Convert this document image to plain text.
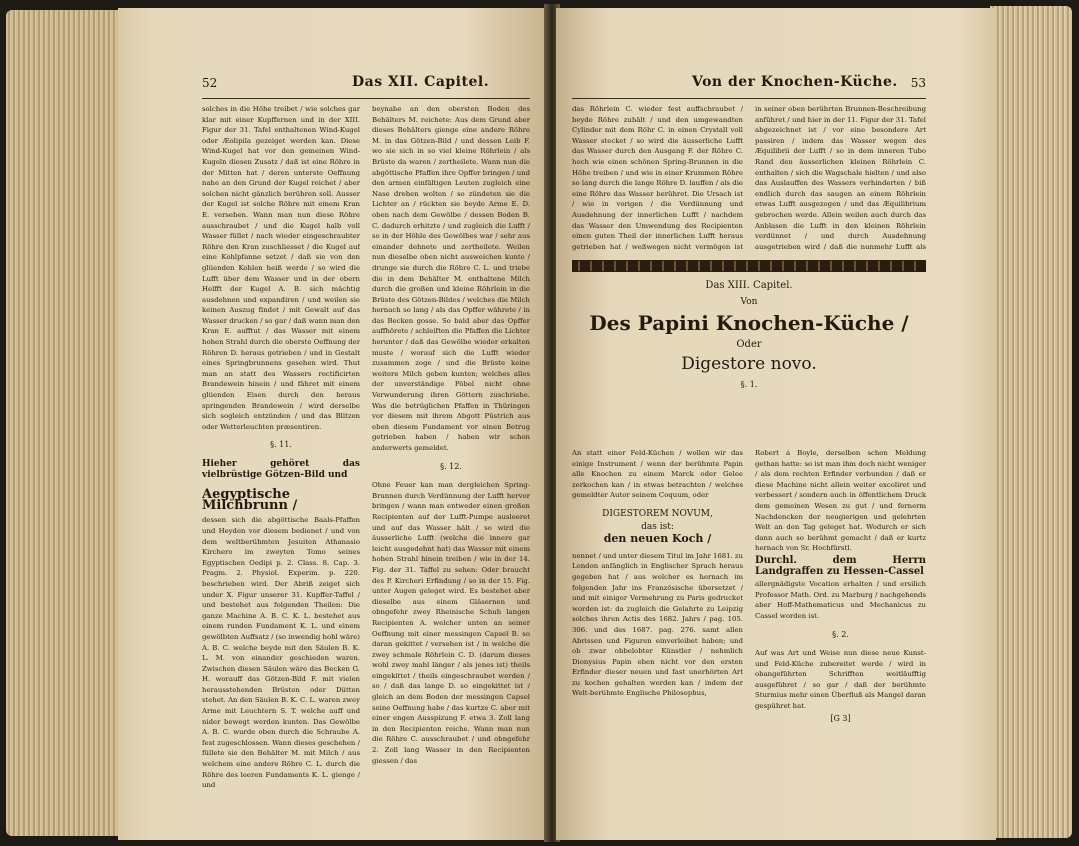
52	Das XII. Capitel.

solches in die Höhe treibet / wie solches gar klar mit einer Kupffernen und in der XIII. Figur der 31. Tafel enthaltenen Wind-Kugel oder Æolipila gezeiget werden kan. Diese Wind-Kugel hat vor den gemeinen Wind-Kugeln diesen Zusatz / daß ist eine Röhre in der Mitten hat / deren unterste Oeffnung nahe an den Grund der Kugel reichet / aber solchen nicht gänzlich berühren soll. Ausser der Kugel ist solche Röhre mit einem Kran E. versehen. Wann man nun diese Röhre ausschraubet / und die Kugel halb voll Wasser füllet / nach wieder eingeschraubter Röhre den Kran zuschliesset / die Kugel auf eine Kohlpfanne setzet / daß sie von den glüenden Kohlen heiß werde / so wird die Lufft über dem Wasser und in der obern Helfft der Kugel A. B. sich mächtig ausdehnen und expandiren / und weilen sie keinen Auszug findet / mit Gewalt auf das Wasser drucken / so gar / daß wann man den Kran E. aufftut / das Wasser mit einem hohen Strahl durch die oberste Oeffnung der Röhren D. heraus getrieben / und in Gestalt eines Springbrunnens gesehen wird. Thut man an statt des Wassers rectificirten Brandewein hinein / und fähret mit einem glüenden Eisen durch den heraus springenden Brandewein / wird derselbe sich sogleich entzünden / und das Blitzen oder Wetterleuchten præsentiren.

§. 11.
Hieher gehöret das vielbrüstige Götzen-Bild und
Aegyptische Milchbrunn /

dessen sich die abgöttische Baals-Pfaffen und Heyden vor diesem bedienet / und von dem weltberühmten Jesuiten Athanasio Kirchero im zweyten Tomo seines Egyptischen Oedipi p. 2. Class. 8. Cap. 3. Pragm. 2. Physiol. Experim. p. 220. beschrieben wird. Der Abriß zeiget sich under X. Figur unserer 31. Kupffer-Taffel / und bestehet aus folgenden Theilen: Die ganze Machine A. B. C. K. L. bestehet aus einem runden Fundament K. L. und einem gewölbten Auffsatz / (so inwendig hohl wäre) A. B. C. welche beyde mit den Säulen B. K. L. M. von einander geschieden waren. Zwischen diesen Säulen wäre das Becken G. H. worauff das Götzen-Bild F. mit vielen herausstehenden Brüsten oder Dütten stehet. An den Säulen B. K. C. L. waren zwey Arme mit Leuchtern S. T. welche auff und nider bewegt werden kunten. Das Gewölbe A. B. C. wurde oben durch die Schraube A. fest zugeschlossen. Wann dieses geschehen / füllete sie den Behälter M. mit Milch / aus welchem eine andere Röhre C. L. durch die Röhre des leeren Fundaments K. L. gienge / und

beynahe an den obersten Boden des Behälters M. reichete: Aus dem Grund aber dieses Behälters gienge eine andere Röhre M. in das Götzen-Bild / und dessen Leib F. wo sie sich in so viel kleine Röhrlein / als Brüste da waren / zertheilete. Wann nun die abgöttische Pfaffen ihre Opffer bringen / und den armen einfältigen Leuten zugleich eine Nase drehen wolten / so zündeten sie die Lichter an / rückten sie beyde Arme E. D. oben nach dem Gewölbe / dessen Boden B. C. dadurch erhitzte / und zugleich die Lufft / so in der Höhle des Gewölbes war / sehr aus einander dehnete und zertheilete. Weilen nun dieselbe oben nicht ausweichen kunte / drunge sie durch die Röhre C. L. und triebe die in dem Behälter M. enthaltene Milch durch die großen und kleine Röhrlein in die Brüste des Götzen-Bildes / welches die Milch hernach so lang / als das Opffer währete / in das Becken gosse. So bald aber das Opffer auffhörete / schleiften die Pfaffen die Lichter herunter / daß das Gewölbe wieder erkalten muste / worauf sich die Lufft wieder zusammen zoge / und die Brüste keine weitere Milch geben kunten; welches alles der unverständige Pöbel nicht ohne Verwunderung ihren Göttern zuschriebe. Was die betrüglichen Pfaffen in Thüringen vor diesem mit ihrem Abgott Püstrich aus eben diesem Fundament vor einen Betrug getrieben haben / haben wir schon anderwerts gemeldet.

§. 12.

Ohne Feuer kan man dergleichen Spring-Brunnen durch Verdünnung der Lufft hervor bringen / wann man entweder einen großen Recipienten auf der Lufft-Pumpe ausleeret und auf das Wasser hält / so wird die äusserliche Lufft (welche die innere gar leicht ausgedehnt hat) das Wasser mit einem hohen Strahl hinein treiben / wie in der 14. Fig. der 31. Taffel zu sehen: Oder braucht des P. Kircheri Erfindung / so in der 15. Fig. unter Augen geleget wird. Es bestehet aber dieselbe aus einem Gläsernen und obngefehr zwey Rheinische Schuh langen Recipienten A. welcher unten an seiner Oeffnung mit einer messingen Capsel B. so daran gekittet / versehen ist / in welche die zwey schmale Röhrlein C. D. (darum dieses wohl zwey mahl länger / als jenes ist) theils eingekittet / theils eingeschraubet werden / so / daß das lange D. so eingekittet ist / gleich an dem Boden der messingen Capsel seine Oeffnung habe / das kurtze C. aber mit einer engen Ausspizung F. etwa 3. Zoll lang in den Recipienten reiche. Wann man nun die Röhre C. ausschraubet / und obngefehr 2. Zoll lang Wasser in den Recipienten giessen / das

Von der Knochen-Küche. 53

das Röhrlein C. wieder fest auffschraubet / beyde Röhre zuhält / und den umgewandten Cylinder mit dem Röhr C. in einen Crystall voll Wasser stecket / so wird die äusserliche Lufft das Wasser durch den Ausgang F. der Röhre C. hoch wie einen schönen Spring-Brunnen in die Höhe treiben / und wie in einer Krummen Röhre so lang durch die lange Röhre D. lauffen / als die eine Röhre das Wasser berühret. Die Ursach ist / wie in vorigen / die Verdünnung und Ausdehnung der innerlichen Lufft / nachdem das Wasser den Umwendung des Recipienten einen guten Theil der innerlichen Lufft heraus getrieben hat / weßwegen nicht vermögen ist

in seiner oben berührten Brunnen-Beschreibung anführet / und hier in der 11. Figur der 31. Tafel abgezeichnet ist / vor eine besondere Art passiren / indem das Wasser wegen des Æquilibrii der Lufft / so in dem inneren Tubo Rand den äusserlichen kleinen Röhrlein C. enthalten / sich die Wagschale hielten / und also das Auslauffen des Wassers verhinderten / biß endlich durch das saugen an einem Röhrlein etwas Lufft ausgezogen / und das Æquilibrium gebrochen werde. Allein weilen auch durch das Anblasen die Lufft in den kleinen Röhrlein verdünnet / und durch Ausdehnung ausgetrieben wird / daß die nunmehr Lufft als

Das XIII. Capitel.
Von
Des Papini Knochen-Küche /
Oder
Digestore novo.
§. 1.

An statt einer Feld-Küchen / wollen wir das einige Instrument / wenn der berühmte Papin alle Knochen zu einem Marck oder Gelee zerkochen kan / in etwas betrachten / welches gemeldter Autor seinem Coquum, oder

DIGESTOREM NOVUM,
das ist:
den neuen Koch /

nennet / und unter diesem Titul im Jahr 1681. zu London anfänglich in Englischer Sprach heraus gegeben hat / aus welcher es hernach im folgenden Jahr ins Französische übersetzet / und mit einiger Vermehrung zu Paris gedrucket worden ist: da zugleich die Gelahrte zu Leipzig solches ihren Actis des 1682. Jahrs / pag. 105. 306. und des 1687. pag. 276. samt allen Abrissen und Figuren einverleibet haben; und ob zwar obbelobter Künstler / nehmlich Dionysius Papin eben nicht vor den ersten Erfinder dieser neuen und fast unerhörten Art zu kochen gehalten werden kan / indem der Welt-berühmte Englische Philosophus,

Robert á Boyle, derselben schon Meldung gethan hatte: so ist man ihm doch nicht weniger / als dem rechten Erfinder verbunden / daß er diese Machine nicht allein weiter excoliret und verbessert / sondern auch in öffentlichem Druck dem gemeinen Wesen zu gut / und fernerm Nachdencken der neugierigen und gelehrten Welt an den Tag geleget hat. Wodurch er sich dann auch so berühmt gemacht / daß er kurtz hernach von Sr. Hochfürstl.

Durchl. dem Herrn Landgraffen zu Hessen-Cassel

allergnädigste Vocation erhalten / und ersilich Professor Math. Ord. zu Marburg / nachgehends aber Hoff-Mathematicus und Mechanicus zu Cassel worden ist.

§. 2.

Auf was Art und Weise nun diese neue Kunst- und Feld-Küche zubereitet werde / wird in obangeführten Schrifften weitläufftig ausgeführet / so gar / daß der berühmte Sturmius mehr einen Überfluß als Mangel daran gespühret hat.

[G 3]
